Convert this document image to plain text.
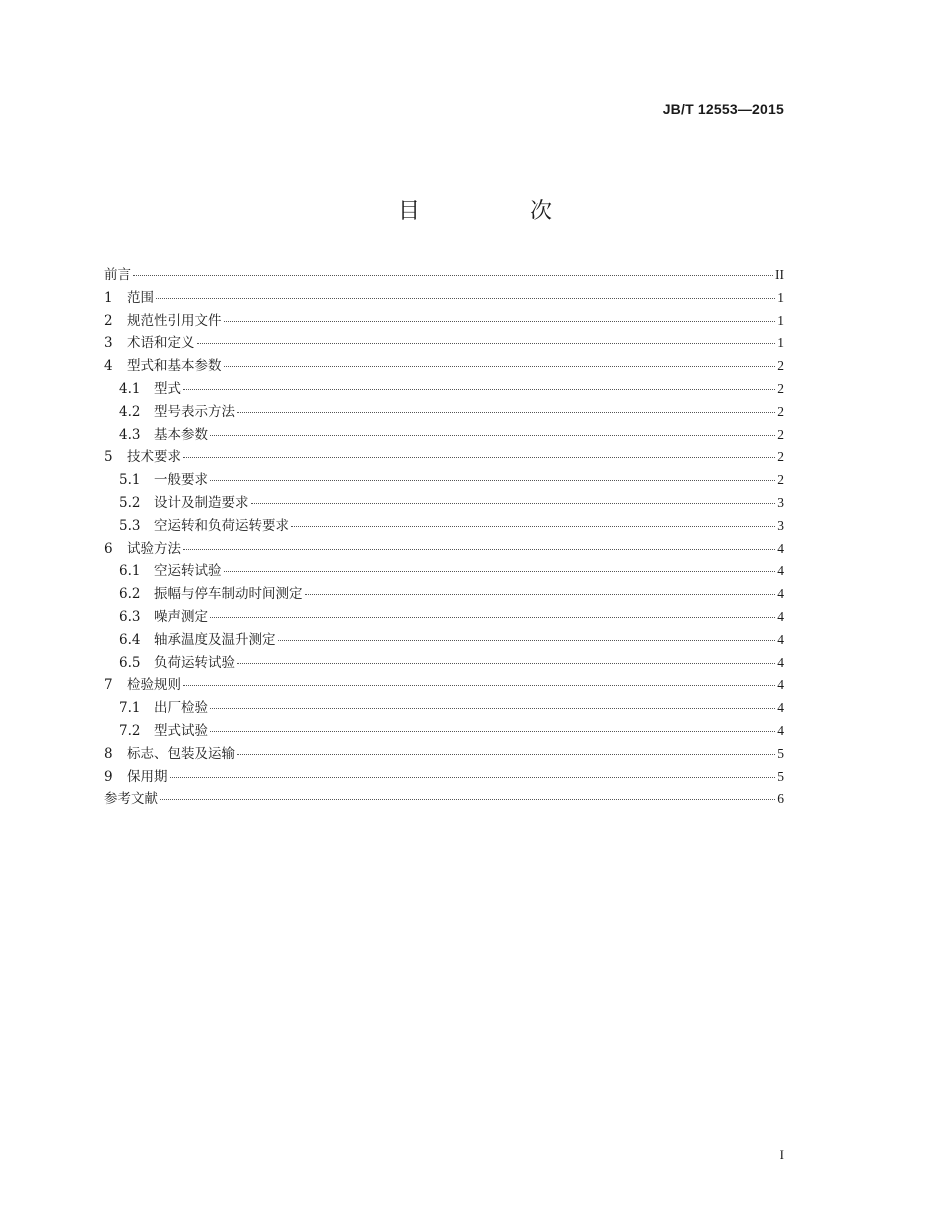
JB/T 12553—2015
目　次
前言	II
1	范围	1
2	规范性引用文件	1
3	术语和定义	1
4	型式和基本参数	2
4.1	型式	2
4.2	型号表示方法	2
4.3	基本参数	2
5	技术要求	2
5.1	一般要求	2
5.2	设计及制造要求	3
5.3	空运转和负荷运转要求	3
6	试验方法	4
6.1	空运转试验	4
6.2	振幅与停车制动时间测定	4
6.3	噪声测定	4
6.4	轴承温度及温升测定	4
6.5	负荷运转试验	4
7	检验规则	4
7.1	出厂检验	4
7.2	型式试验	4
8	标志、包装及运输	5
9	保用期	5
参考文献	6
I
